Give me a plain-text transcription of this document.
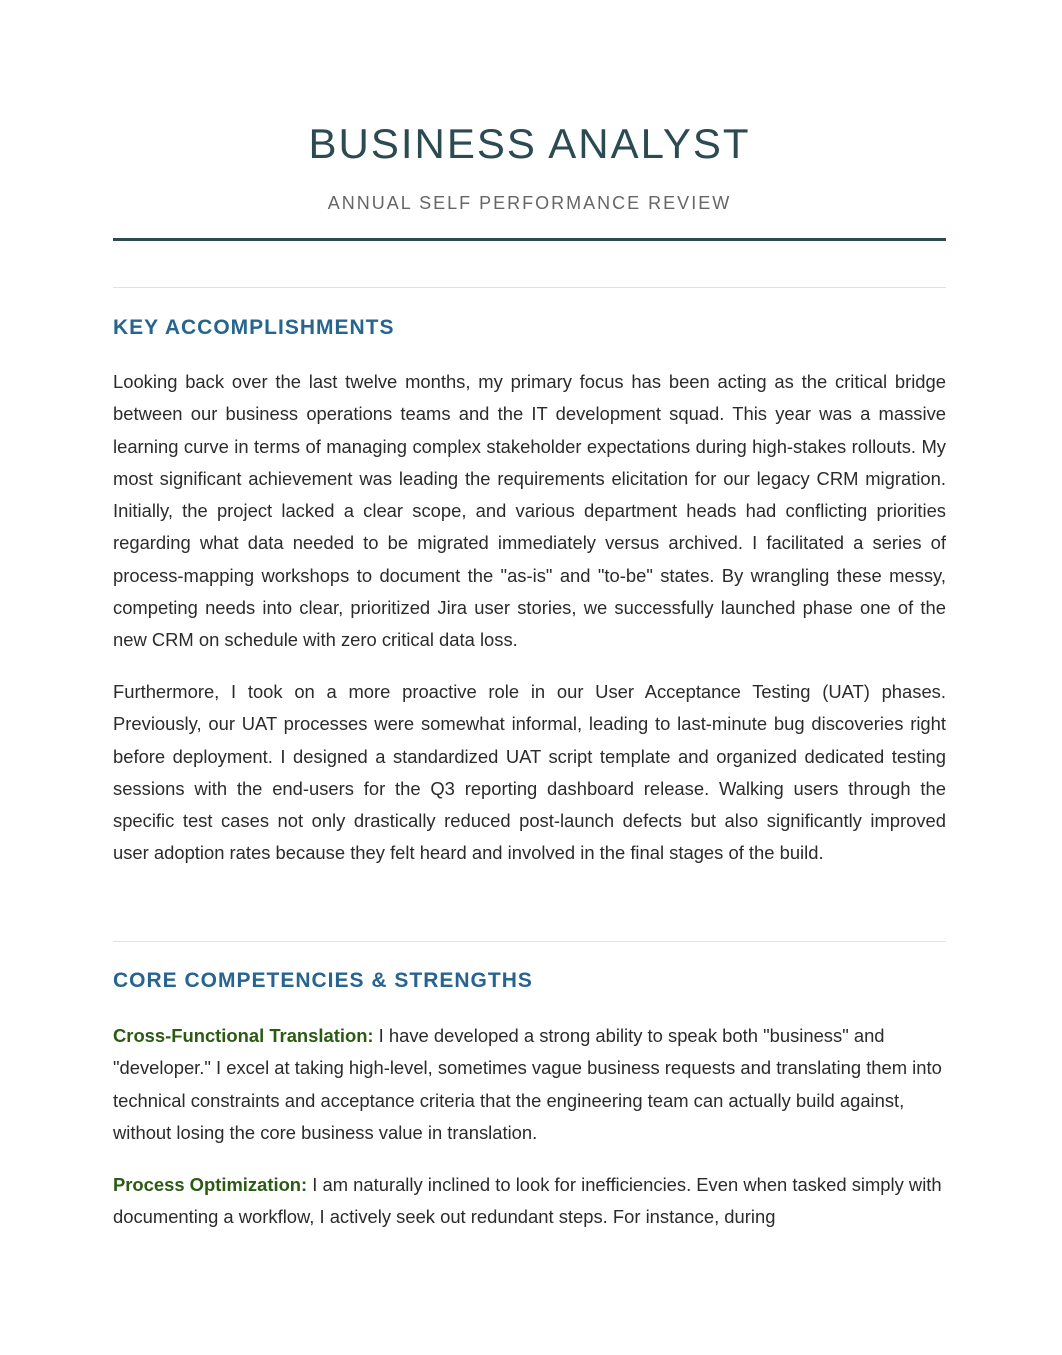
BUSINESS ANALYST

ANNUAL SELF PERFORMANCE REVIEW

KEY ACCOMPLISHMENTS

Looking back over the last twelve months, my primary focus has been acting as the critical bridge between our business operations teams and the IT development squad. This year was a massive learning curve in terms of managing complex stakeholder expectations during high-stakes rollouts. My most significant achievement was leading the requirements elicitation for our legacy CRM migration. Initially, the project lacked a clear scope, and various department heads had conflicting priorities regarding what data needed to be migrated immediately versus archived. I facilitated a series of process-mapping workshops to document the "as-is" and "to-be" states. By wrangling these messy, competing needs into clear, prioritized Jira user stories, we successfully launched phase one of the new CRM on schedule with zero critical data loss.

Furthermore, I took on a more proactive role in our User Acceptance Testing (UAT) phases. Previously, our UAT processes were somewhat informal, leading to last-minute bug discoveries right before deployment. I designed a standardized UAT script template and organized dedicated testing sessions with the end-users for the Q3 reporting dashboard release. Walking users through the specific test cases not only drastically reduced post-launch defects but also significantly improved user adoption rates because they felt heard and involved in the final stages of the build.

CORE COMPETENCIES & STRENGTHS

Cross-Functional Translation: I have developed a strong ability to speak both "business" and "developer." I excel at taking high-level, sometimes vague business requests and translating them into technical constraints and acceptance criteria that the engineering team can actually build against, without losing the core business value in translation.

Process Optimization: I am naturally inclined to look for inefficiencies. Even when tasked simply with documenting a workflow, I actively seek out redundant steps. For instance, during
